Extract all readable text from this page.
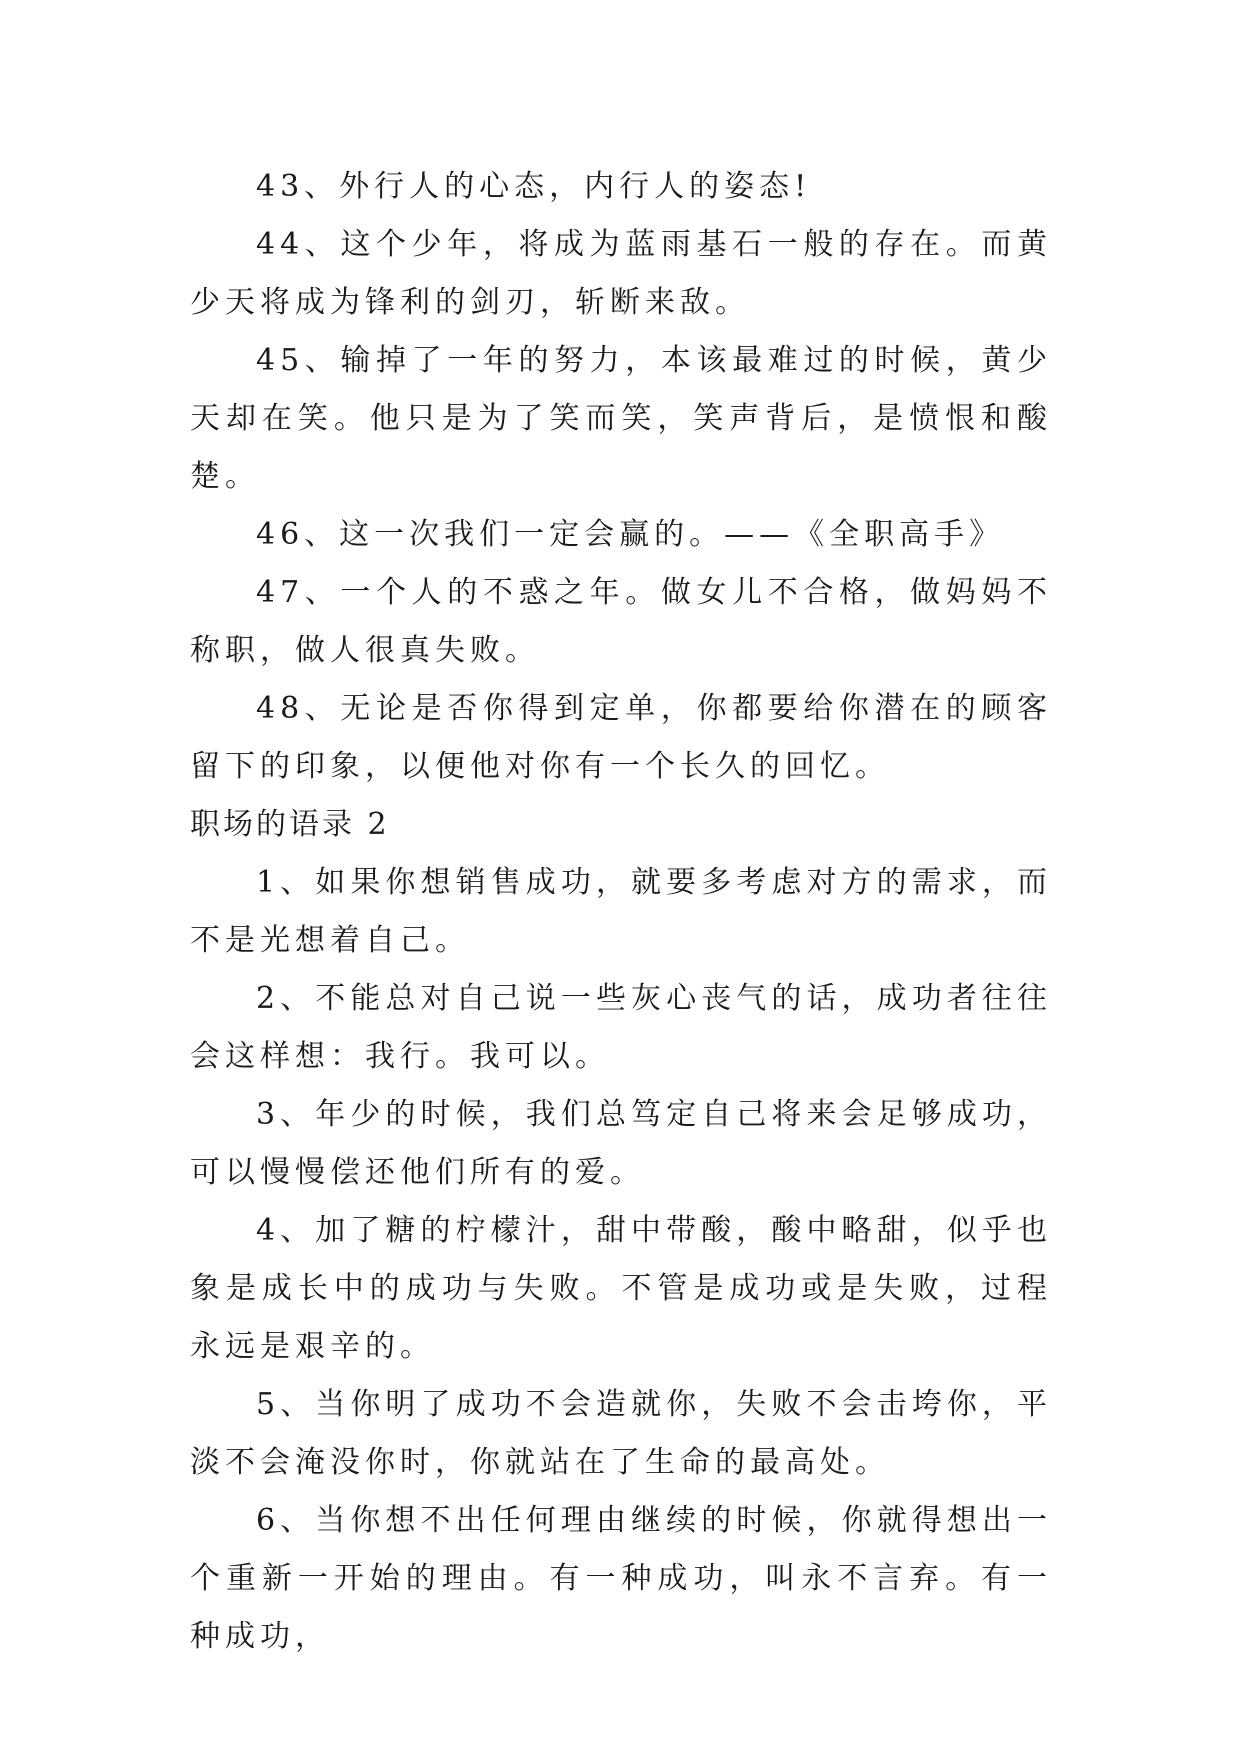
43、外行人的心态，内行人的姿态!

44、这个少年，将成为蓝雨基石一般的存在。而黄少天将成为锋利的剑刃，斩断来敌。

45、输掉了一年的努力，本该最难过的时候，黄少天却在笑。他只是为了笑而笑，笑声背后，是愤恨和酸楚。

46、这一次我们一定会赢的。——《全职高手》

47、一个人的不惑之年。做女儿不合格，做妈妈不称职，做人很真失败。

48、无论是否你得到定单，你都要给你潜在的顾客留下的印象，以便他对你有一个长久的回忆。

职场的语录 2

1、如果你想销售成功，就要多考虑对方的需求，而不是光想着自己。

2、不能总对自己说一些灰心丧气的话，成功者往往会这样想：我行。我可以。

3、年少的时候，我们总笃定自己将来会足够成功，可以慢慢偿还他们所有的爱。

4、加了糖的柠檬汁，甜中带酸，酸中略甜，似乎也象是成长中的成功与失败。不管是成功或是失败，过程永远是艰辛的。

5、当你明了成功不会造就你，失败不会击垮你，平淡不会淹没你时，你就站在了生命的最高处。

6、当你想不出任何理由继续的时候，你就得想出一个重新一开始的理由。有一种成功，叫永不言弃。有一种成功，
